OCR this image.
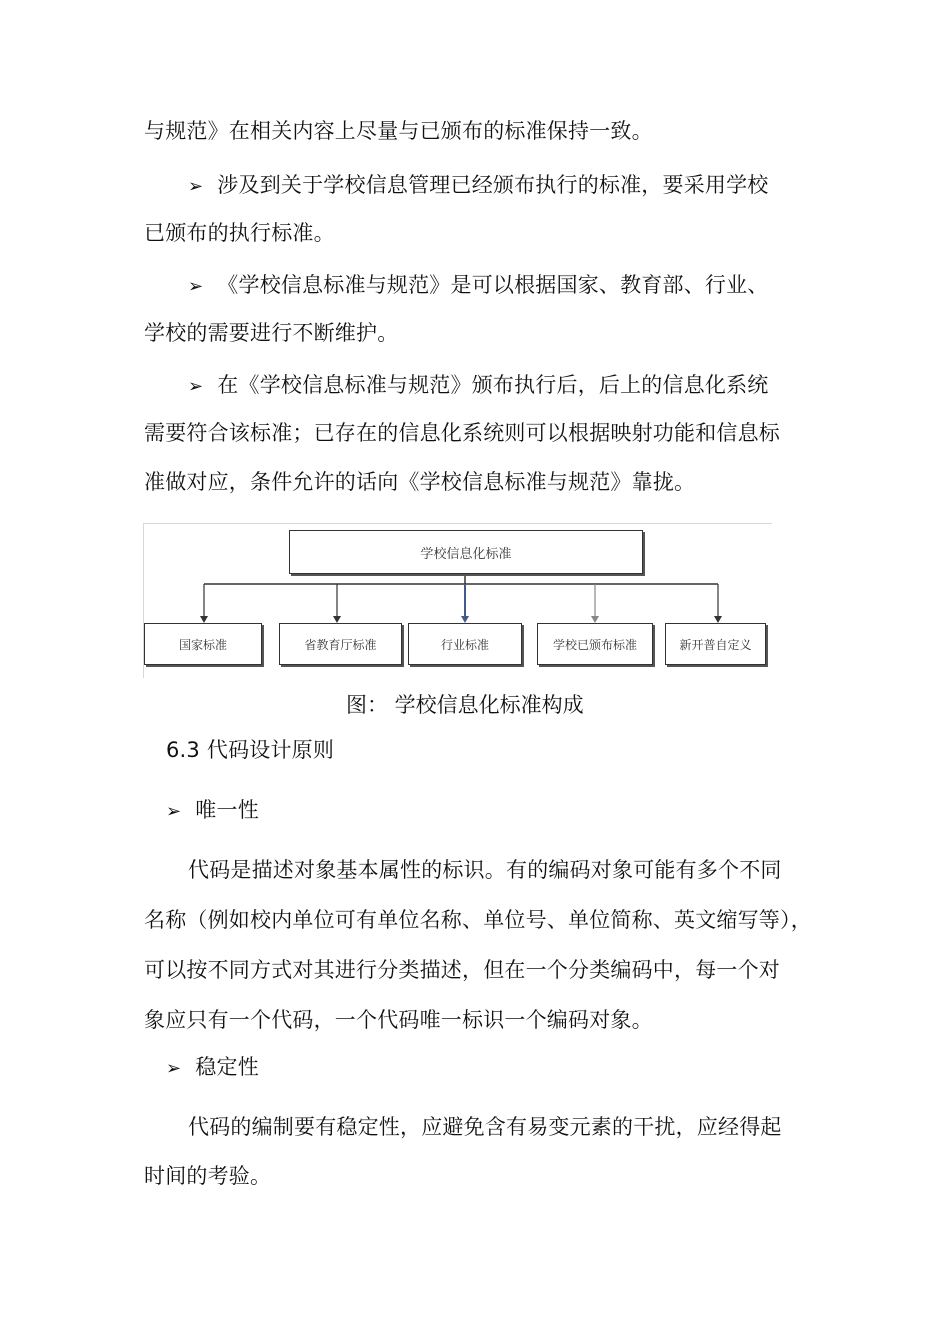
与规范》在相关内容上尽量与已颁布的标准保持一致。
➢ 涉及到关于学校信息管理已经颁布执行的标准，要采用学校
已颁布的执行标准。
➢ 《学校信息标准与规范》是可以根据国家、教育部、行业、
学校的需要进行不断维护。
➢ 在《学校信息标准与规范》颁布执行后，后上的信息化系统
需要符合该标准；已存在的信息化系统则可以根据映射功能和信息标
准做对应，条件允许的话向《学校信息标准与规范》靠拢。
学校信息化标准
国家标准	省教育厅标准	行业标准	学校已颁布标准	新开普自定义
图： 学校信息化标准构成
6.3 代码设计原则
➢ 唯一性
代码是描述对象基本属性的标识。有的编码对象可能有多个不同
名称（例如校内单位可有单位名称、单位号、单位简称、英文缩写等），
可以按不同方式对其进行分类描述，但在一个分类编码中，每一个对
象应只有一个代码，一个代码唯一标识一个编码对象。
➢ 稳定性
代码的编制要有稳定性，应避免含有易变元素的干扰，应经得起
时间的考验。
